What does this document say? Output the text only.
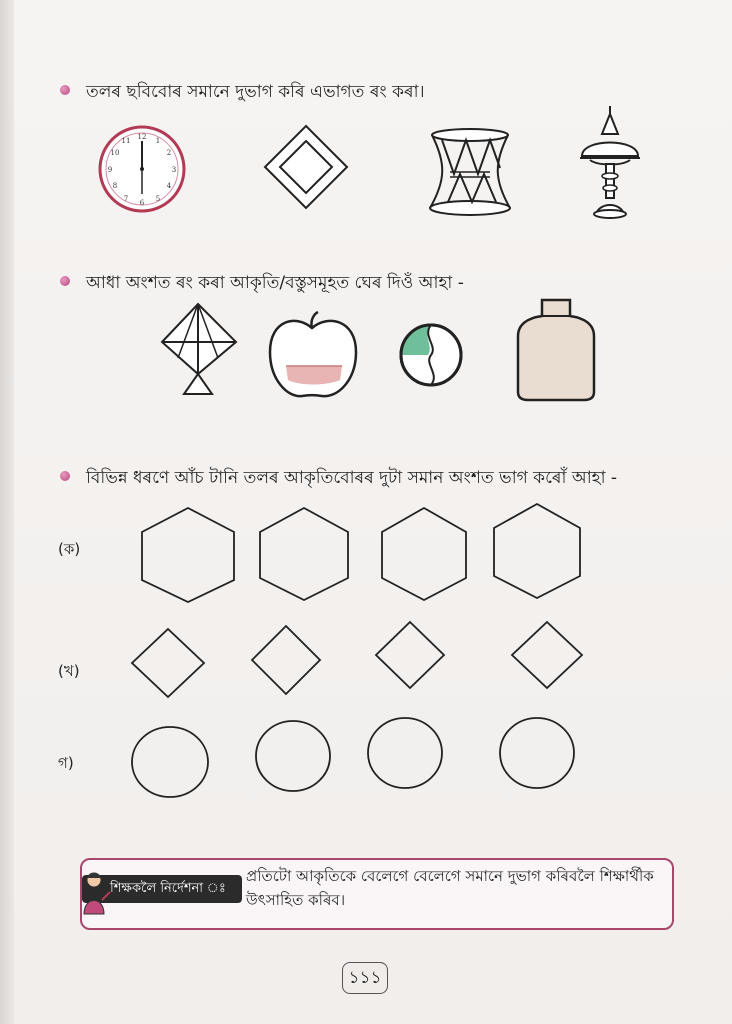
তলৰ ছবিবোৰ সমানে দুভাগ কৰি এভাগত ৰং কৰা।
12 1
2
3
4
5
6
7
8
9
10
11
আধা অংশত ৰং কৰা আকৃতি/বস্তুসমূহত ঘেৰ দিওঁ আহা -
বিভিন্ন ধৰণে আঁচ টানি তলৰ আকৃতিবোৰৰ দুটা সমান অংশত ভাগ কৰোঁ আহা -
(ক)
(খ)
গ)
শিক্ষকলৈ নিৰ্দেশনা ঃ
প্ৰতিটো আকৃতিকে বেলেগে বেলেগে সমানে দুভাগ কৰিবলৈ শিক্ষাৰ্থীক উৎসাহিত কৰিব।
১১১
